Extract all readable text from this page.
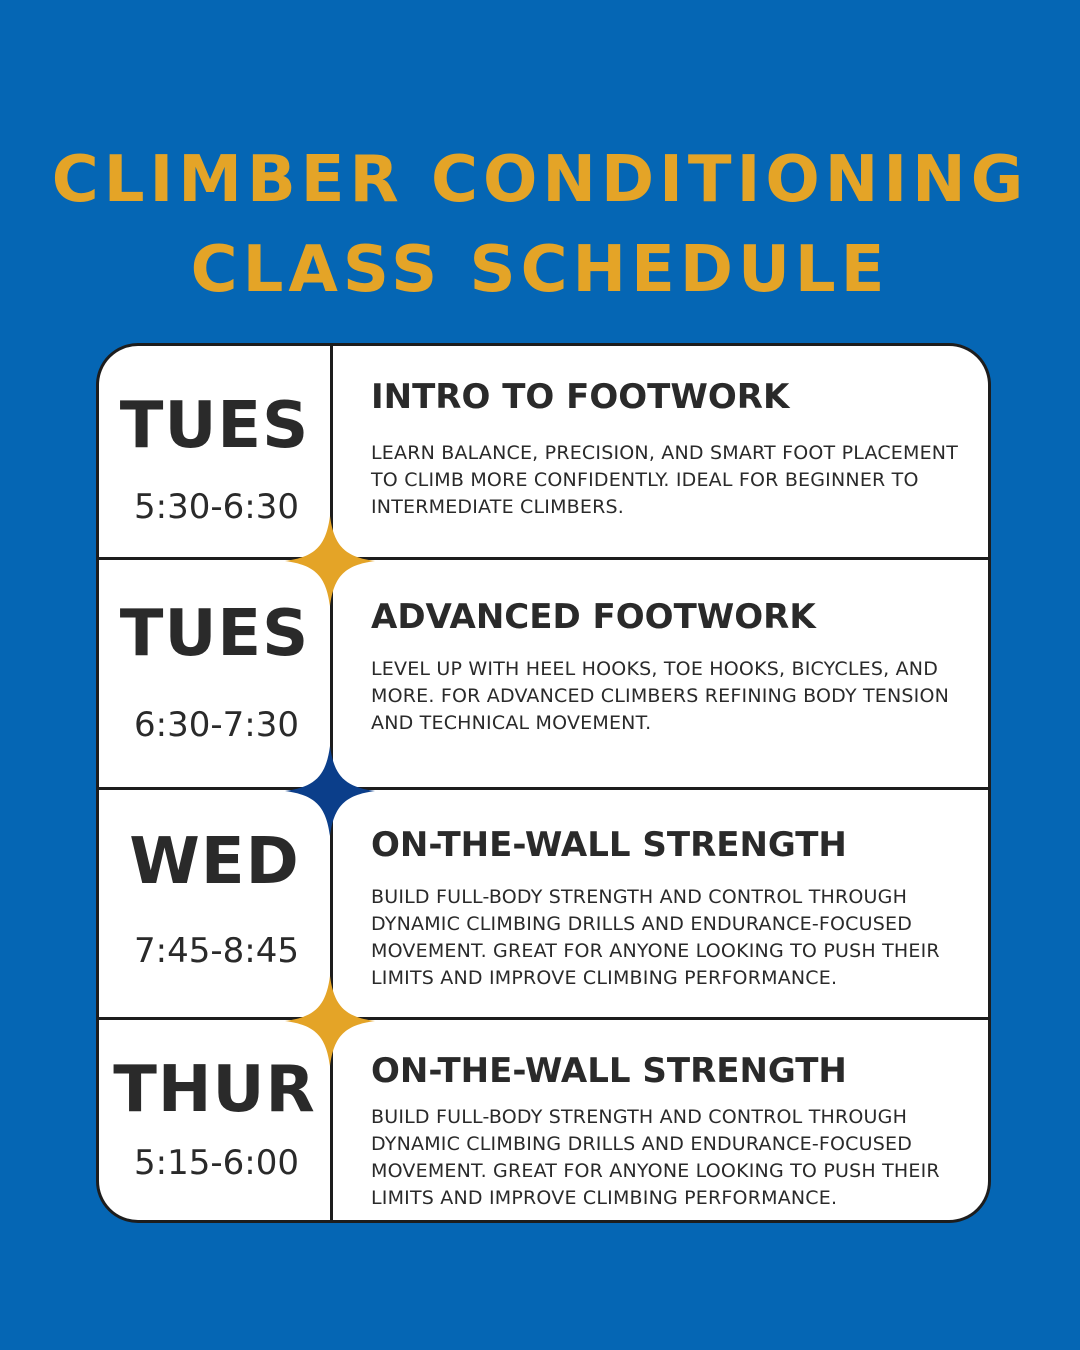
CLIMBER CONDITIONING
CLASS SCHEDULE
TUES
5:30-6:30
INTRO TO FOOTWORK
LEARN BALANCE, PRECISION, AND SMART FOOT PLACEMENT TO CLIMB MORE CONFIDENTLY. IDEAL FOR BEGINNER TO INTERMEDIATE CLIMBERS.
TUES
6:30-7:30
ADVANCED FOOTWORK
LEVEL UP WITH HEEL HOOKS, TOE HOOKS, BICYCLES, AND MORE. FOR ADVANCED CLIMBERS REFINING BODY TENSION AND TECHNICAL MOVEMENT.
WED
7:45-8:45
ON-THE-WALL STRENGTH
BUILD FULL-BODY STRENGTH AND CONTROL THROUGH DYNAMIC CLIMBING DRILLS AND ENDURANCE-FOCUSED MOVEMENT. GREAT FOR ANYONE LOOKING TO PUSH THEIR LIMITS AND IMPROVE CLIMBING PERFORMANCE.
THUR
5:15-6:00
ON-THE-WALL STRENGTH
BUILD FULL-BODY STRENGTH AND CONTROL THROUGH DYNAMIC CLIMBING DRILLS AND ENDURANCE-FOCUSED MOVEMENT. GREAT FOR ANYONE LOOKING TO PUSH THEIR LIMITS AND IMPROVE CLIMBING PERFORMANCE.
